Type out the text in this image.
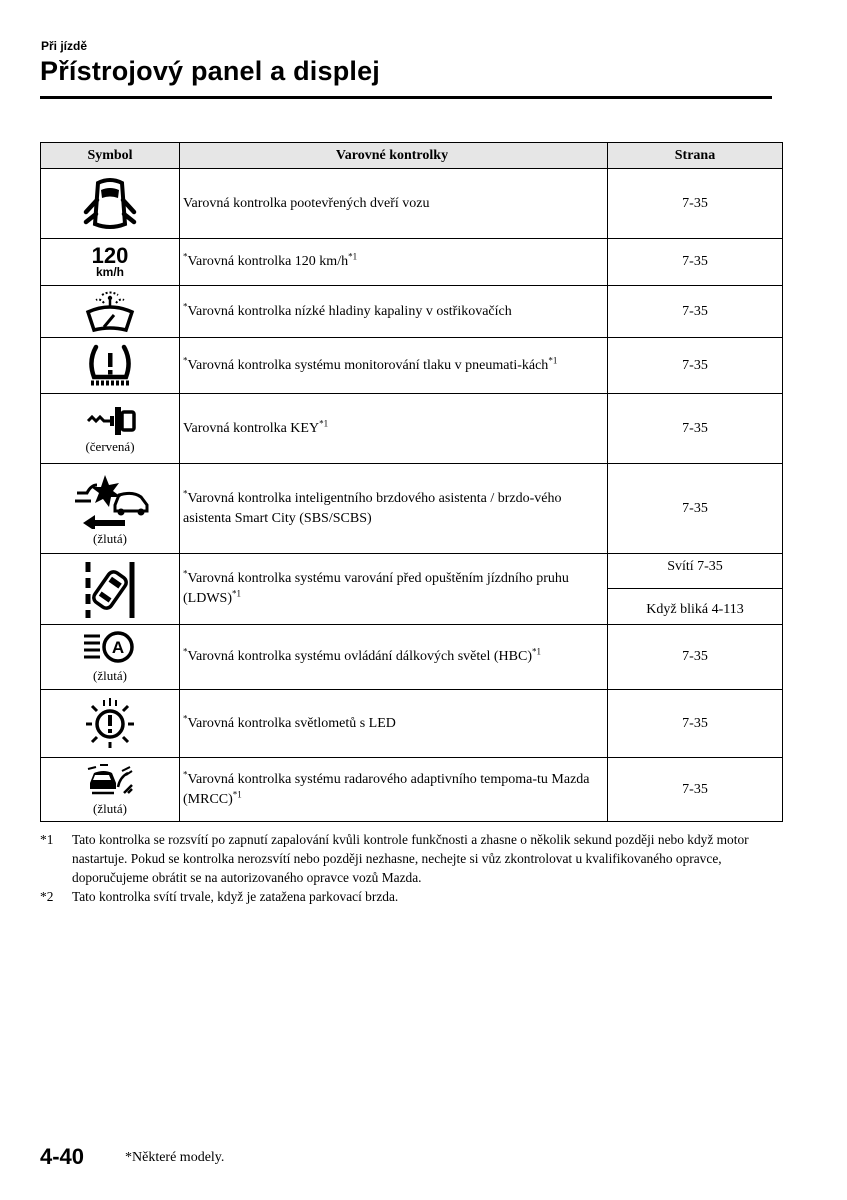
Při jízdě
Přístrojový panel a displej
Symbol	Varovné kontrolky	Strana

	Varovná kontrolka pootevřených dveří vozu	7-35

120
km/h	*Varovná kontrolka 120 $km/h^{*1}$	7-35

	*Varovná kontrolka nízké hladiny kapaliny v ostřikovačích	7-35

	*Varovná kontrolka systému monitorování tlaku v pneumati-kách$^{*1}$	7-35

(červená)	Varovná kontrolka KEY$^{*1}$	7-35

(žlutá)	*Varovná kontrolka inteligentního brzdového asistenta / brzdo-vého asistenta Smart City (SBS/SCBS)	7-35

	*Varovná kontrolka systému varování před opuštěním jízdního pruhu (LDWS)$^{*1}$	Svítí 7-35
Když bliká 4-113

A
(žlutá)	*Varovná kontrolka systému ovládání dálkových světel (HBC)$^{*1}$	7-35

	*Varovná kontrolka světlometů s LED	7-35

(žlutá)	*Varovná kontrolka systému radarového adaptivního tempoma-tu Mazda (MRCC)$^{*1}$	7-35
*1	Tato kontrolka se rozsvítí po zapnutí zapalování kvůli kontrole funkčnosti a zhasne o několik sekund později nebo když motor nastartuje. Pokud se kontrolka nerozsvítí nebo později nezhasne, nechejte si vůz zkontrolovat u kvalifikovaného opravce, doporučujeme obrátit se na autorizovaného opravce vozů Mazda.
*2	Tato kontrolka svítí trvale, když je zatažena parkovací brzda.
4-40	*Některé modely.
